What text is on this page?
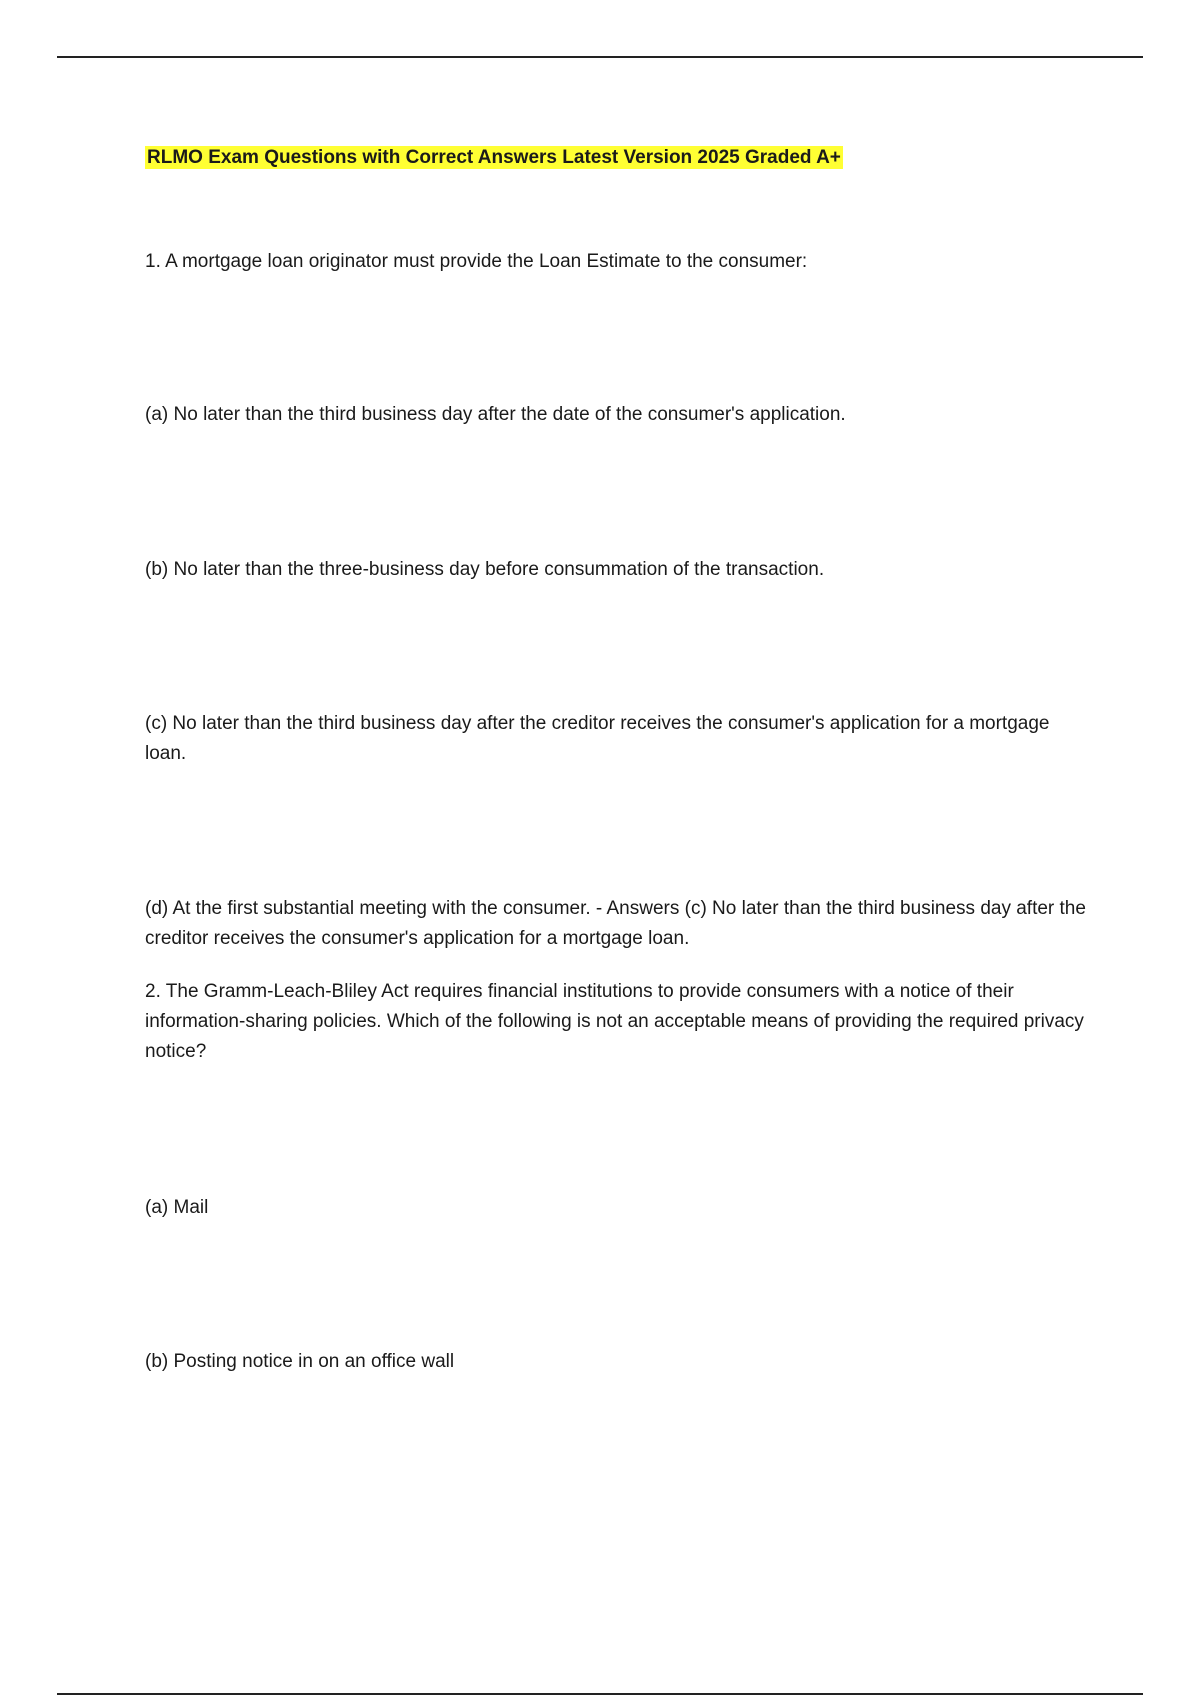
RLMO Exam Questions with Correct Answers Latest Version 2025 Graded A+

1. A mortgage loan originator must provide the Loan Estimate to the consumer:

(a) No later than the third business day after the date of the consumer's application.

(b) No later than the three-business day before consummation of the transaction.

(c) No later than the third business day after the creditor receives the consumer's application for a mortgage loan.

(d) At the first substantial meeting with the consumer. - Answers (c) No later than the third business day after the creditor receives the consumer's application for a mortgage loan.

2. The Gramm-Leach-Bliley Act requires financial institutions to provide consumers with a notice of their information-sharing policies. Which of the following is not an acceptable means of providing the required privacy notice?

(a) Mail

(b) Posting notice in on an office wall
